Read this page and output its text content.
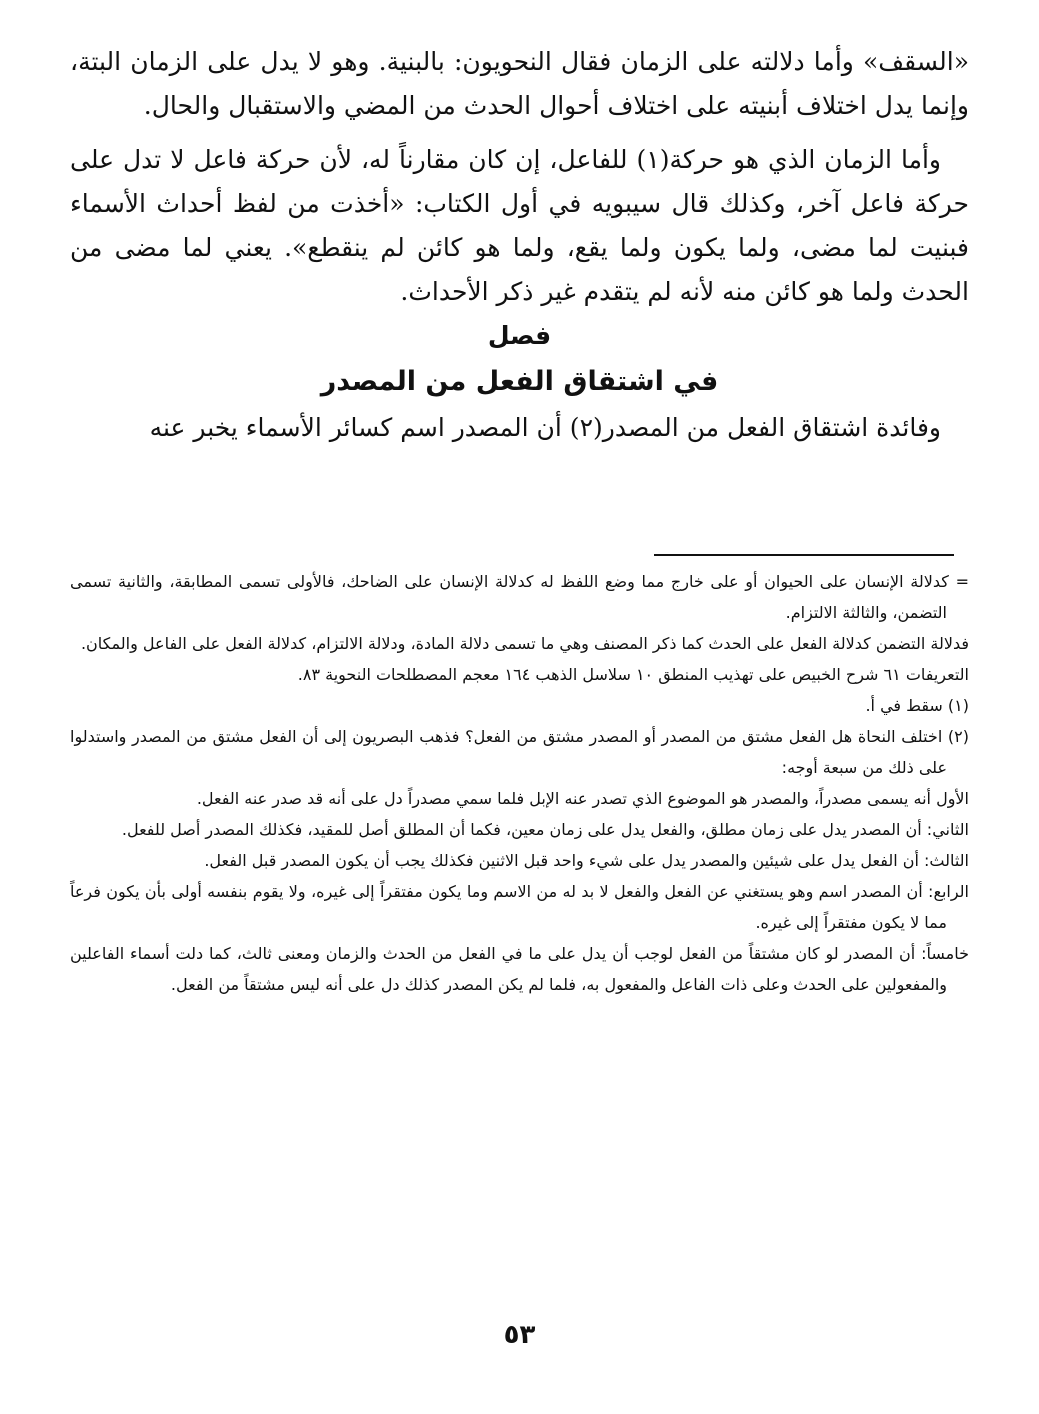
«السقف» وأما دلالته على الزمان فقال النحويون: بالبنية. وهو لا يدل على الزمان البتة، وإنما يدل اختلاف أبنيته على اختلاف أحوال الحدث من المضي والاستقبال والحال.

وأما الزمان الذي هو حركة(١) للفاعل، إن كان مقارناً له، لأن حركة فاعل لا تدل على حركة فاعل آخر، وكذلك قال سيبويه في أول الكتاب: «أخذت من لفظ أحداث الأسماء فبنيت لما مضى، ولما يكون ولما يقع، ولما هو كائن لم ينقطع». يعني لما مضى من الحدث ولما هو كائن منه لأنه لم يتقدم غير ذكر الأحداث.

فصل

في اشتقاق الفعل من المصدر

وفائدة اشتقاق الفعل من المصدر(٢) أن المصدر اسم كسائر الأسماء يخبر عنه

= كدلالة الإنسان على الحيوان أو على خارج مما وضع اللفظ له كدلالة الإنسان على الضاحك، فالأولى تسمى المطابقة، والثانية تسمى التضمن، والثالثة الالتزام.

فدلالة التضمن كدلالة الفعل على الحدث كما ذكر المصنف وهي ما تسمى دلالة المادة، ودلالة الالتزام، كدلالة الفعل على الفاعل والمكان.

التعريفات ٦١ شرح الخبيص على تهذيب المنطق ١٠ سلاسل الذهب ١٦٤ معجم المصطلحات النحوية ٨٣.

(١) سقط في أ.

(٢) اختلف النحاة هل الفعل مشتق من المصدر أو المصدر مشتق من الفعل؟ فذهب البصريون إلى أن الفعل مشتق من المصدر واستدلوا على ذلك من سبعة أوجه:

الأول أنه يسمى مصدراً، والمصدر هو الموضوع الذي تصدر عنه الإبل فلما سمي مصدراً دل على أنه قد صدر عنه الفعل.

الثاني: أن المصدر يدل على زمان مطلق، والفعل يدل على زمان معين، فكما أن المطلق أصل للمقيد، فكذلك المصدر أصل للفعل.

الثالث: أن الفعل يدل على شيئين والمصدر يدل على شيء واحد قبل الاثنين فكذلك يجب أن يكون المصدر قبل الفعل.

الرابع: أن المصدر اسم وهو يستغني عن الفعل والفعل لا بد له من الاسم وما يكون مفتقراً إلى غيره، ولا يقوم بنفسه أولى بأن يكون فرعاً مما لا يكون مفتقراً إلى غيره.

خامساً: أن المصدر لو كان مشتقاً من الفعل لوجب أن يدل على ما في الفعل من الحدث والزمان ومعنى ثالث، كما دلت أسماء الفاعلين والمفعولين على الحدث وعلى ذات الفاعل والمفعول به، فلما لم يكن المصدر كذلك دل على أنه ليس مشتقاً من الفعل.

٥٣
